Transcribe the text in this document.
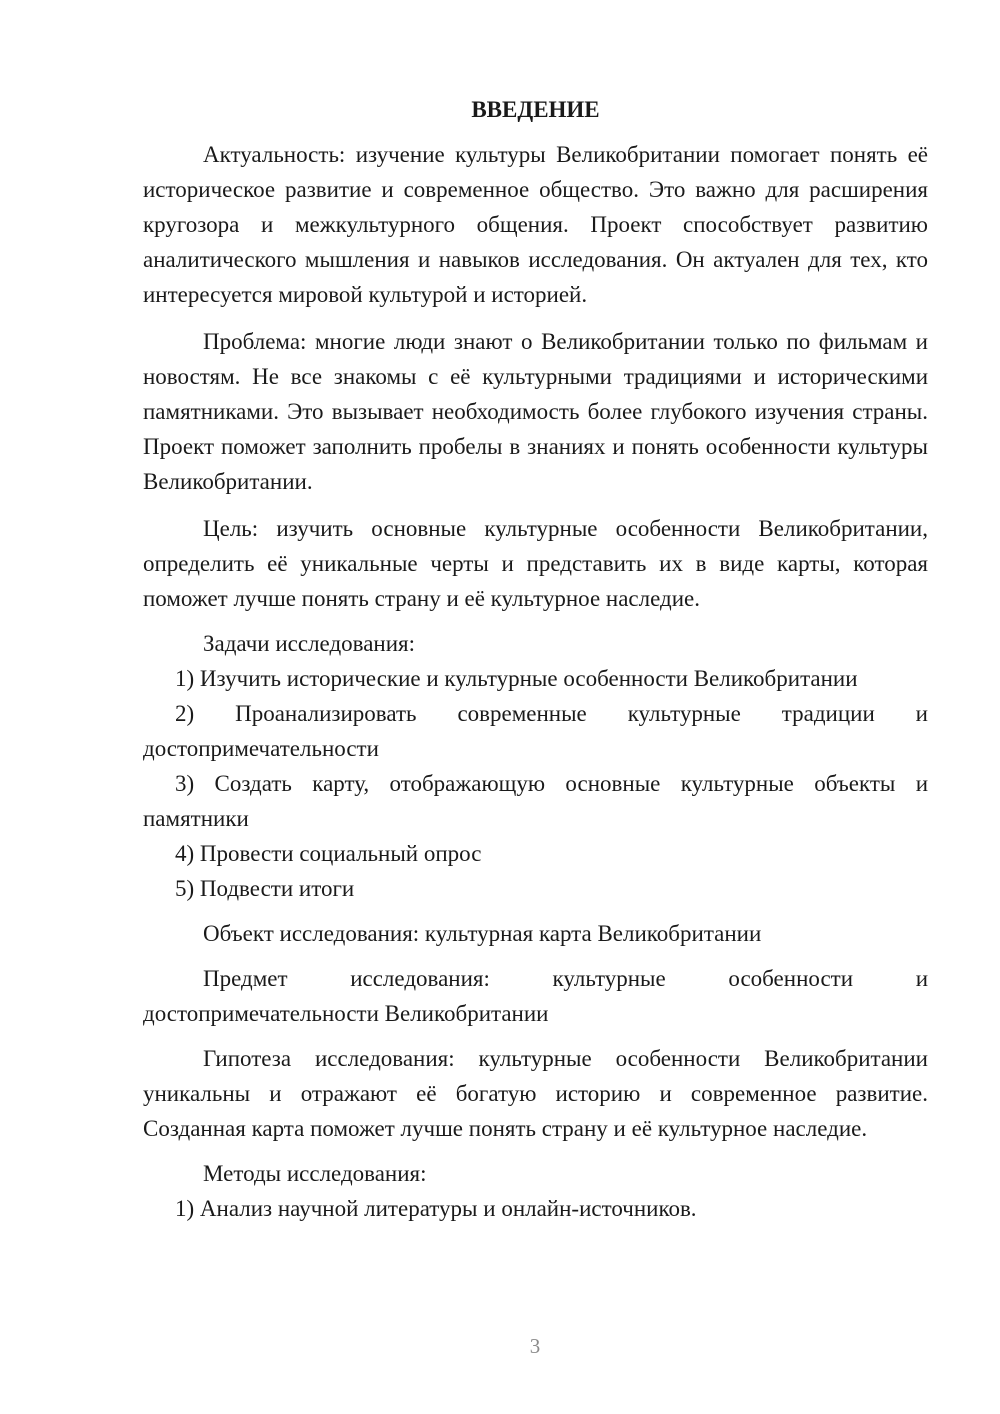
ВВЕДЕНИЕ

Актуальность: изучение культуры Великобритании помогает понять её историческое развитие и современное общество. Это важно для расширения кругозора и межкультурного общения. Проект способствует развитию аналитического мышления и навыков исследования. Он актуален для тех, кто интересуется мировой культурой и историей.

Проблема: многие люди знают о Великобритании только по фильмам и новостям. Не все знакомы с её культурными традициями и историческими памятниками. Это вызывает необходимость более глубокого изучения страны. Проект поможет заполнить пробелы в знаниях и понять особенности культуры Великобритании.

Цель: изучить основные культурные особенности Великобритании, определить её уникальные черты и представить их в виде карты, которая поможет лучше понять страну и её культурное наследие.

Задачи исследования:

1) Изучить исторические и культурные особенности Великобритании

2) Проанализировать современные культурные традиции и достопримечательности

3) Создать карту, отображающую основные культурные объекты и памятники

4) Провести социальный опрос

5) Подвести итоги

Объект исследования: культурная карта Великобритании

Предмет исследования: культурные особенности и достопримечательности Великобритании

Гипотеза исследования: культурные особенности Великобритании уникальны и отражают её богатую историю и современное развитие. Созданная карта поможет лучше понять страну и её культурное наследие.

Методы исследования:

1) Анализ научной литературы и онлайн-источников.

3
